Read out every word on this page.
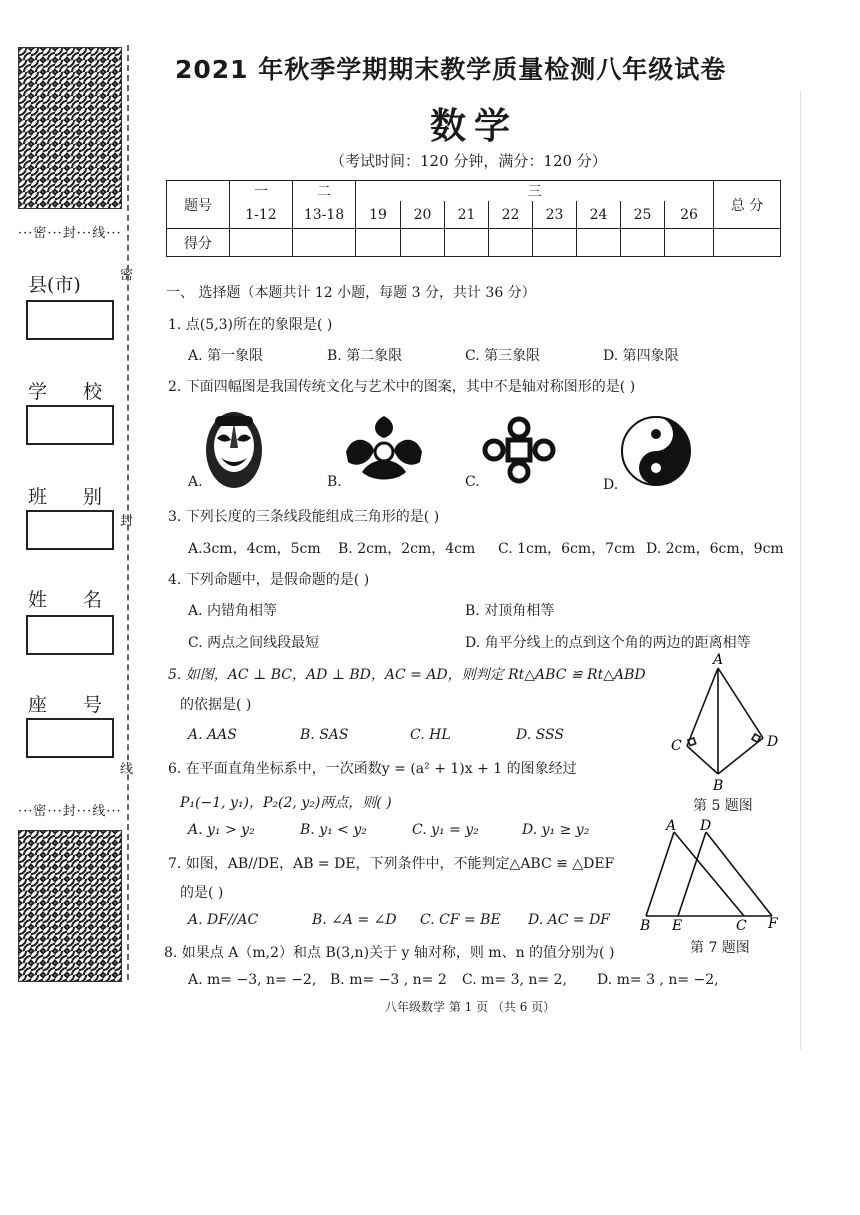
···密···封···线···
···密···封···线···
县(市)
学 校
班 别
姓 名
座 号
密
封
线
2021 年秋季学期期末教学质量检测八年级试卷
数学
（考试时间：120 分钟，满分：120 分）
题号	一	二	三								总 分
	1-12	13-18	19	20	21	22	23	24	25	26	
得分											
一、 选择题（本题共计 12 小题，每题 3 分，共计 36 分）
1. 点(5,3)所在的象限是( )
A. 第一象限	B. 第二象限	C. 第三象限	D. 第四象限
2. 下面四幅图是我国传统文化与艺术中的图案，其中不是轴对称图形的是( )
A.	B.	C.	D.
3. 下列长度的三条线段能组成三角形的是( )
A.3cm，4cm，5cm B. 2cm，2cm，4cm C. 1cm，6cm，7cm D. 2cm，6cm，9cm
4. 下列命题中，是假命题的是( )
A. 内错角相等	B. 对顶角相等
C. 两点之间线段最短	D. 角平分线上的点到这个角的两边的距离相等
5. 如图，AC ⊥ BC，AD ⊥ BD，AC = AD，则判定 Rt△ABC ≌ Rt△ABD
的依据是( )
A. AAS	B. SAS	C. HL	D. SSS
A
C	D
B
第 5 题图
6. 在平面直角坐标系中，一次函数y = (a² + 1)x + 1 的图象经过
P₁(−1, y₁)，P₂(2, y₂)两点，则( )
A. y₁ > y₂	B. y₁ < y₂	C. y₁ = y₂	D. y₁ ≥ y₂
7. 如图，AB//DE，AB = DE，下列条件中，不能判定△ABC ≌ △DEF
的是( )
A. DF//AC	B. ∠A = ∠D C. CF = BE D. AC = DF
A D
B E	C F
第 7 题图
8. 如果点 A（m,2）和点 B(3,n)关于 y 轴对称，则 m、n 的值分别为( )
A. m= −3, n= −2, B. m= −3 , n= 2 C. m= 3, n= 2, D. m= 3 , n= −2,
八年级数学 第 1 页 （共 6 页）
